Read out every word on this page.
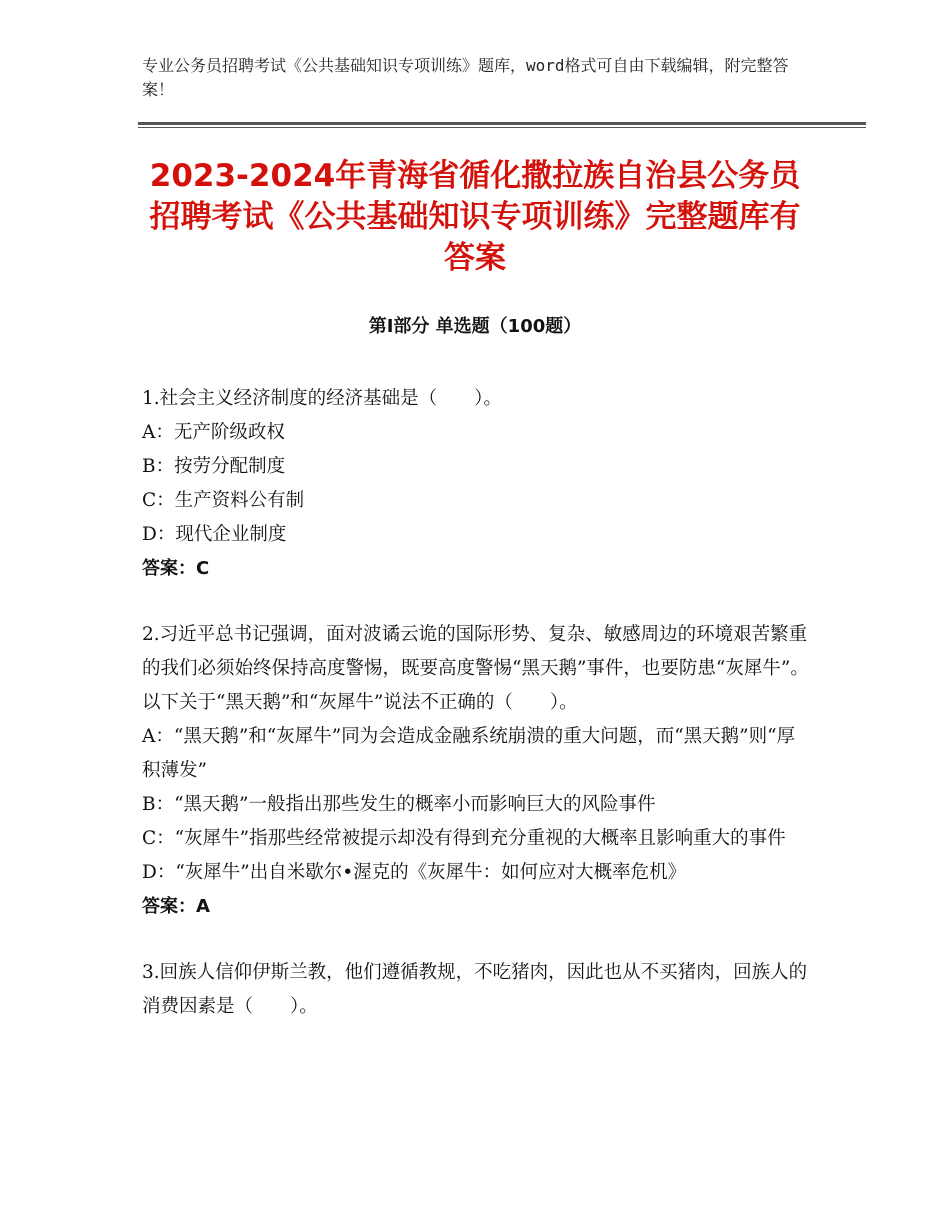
专业公务员招聘考试《公共基础知识专项训练》题库，word格式可自由下载编辑，附完整答案！
2023-2024年青海省循化撒拉族自治县公务员招聘考试《公共基础知识专项训练》完整题库有答案
第Ⅰ部分 单选题（100题）

1.社会主义经济制度的经济基础是（　　）。

A：无产阶级政权

B：按劳分配制度

C：生产资料公有制

D：现代企业制度

答案：C

2.习近平总书记强调，面对波谲云诡的国际形势、复杂、敏感周边的环境艰苦繁重的我们必须始终保持高度警惕，既要高度警惕“黑天鹅”事件，也要防患“灰犀牛”。以下关于“黑天鹅”和“灰犀牛”说法不正确的（　　）。

A：“黑天鹅”和“灰犀牛”同为会造成金融系统崩溃的重大问题，而“黑天鹅”则“厚积薄发”

B：“黑天鹅”一般指出那些发生的概率小而影响巨大的风险事件

C：“灰犀牛”指那些经常被提示却没有得到充分重视的大概率且影响重大的事件

D：“灰犀牛”出自米歇尔•渥克的《灰犀牛：如何应对大概率危机》

答案：A

3.回族人信仰伊斯兰教，他们遵循教规，不吃猪肉，因此也从不买猪肉，回族人的消费因素是（　　）。
